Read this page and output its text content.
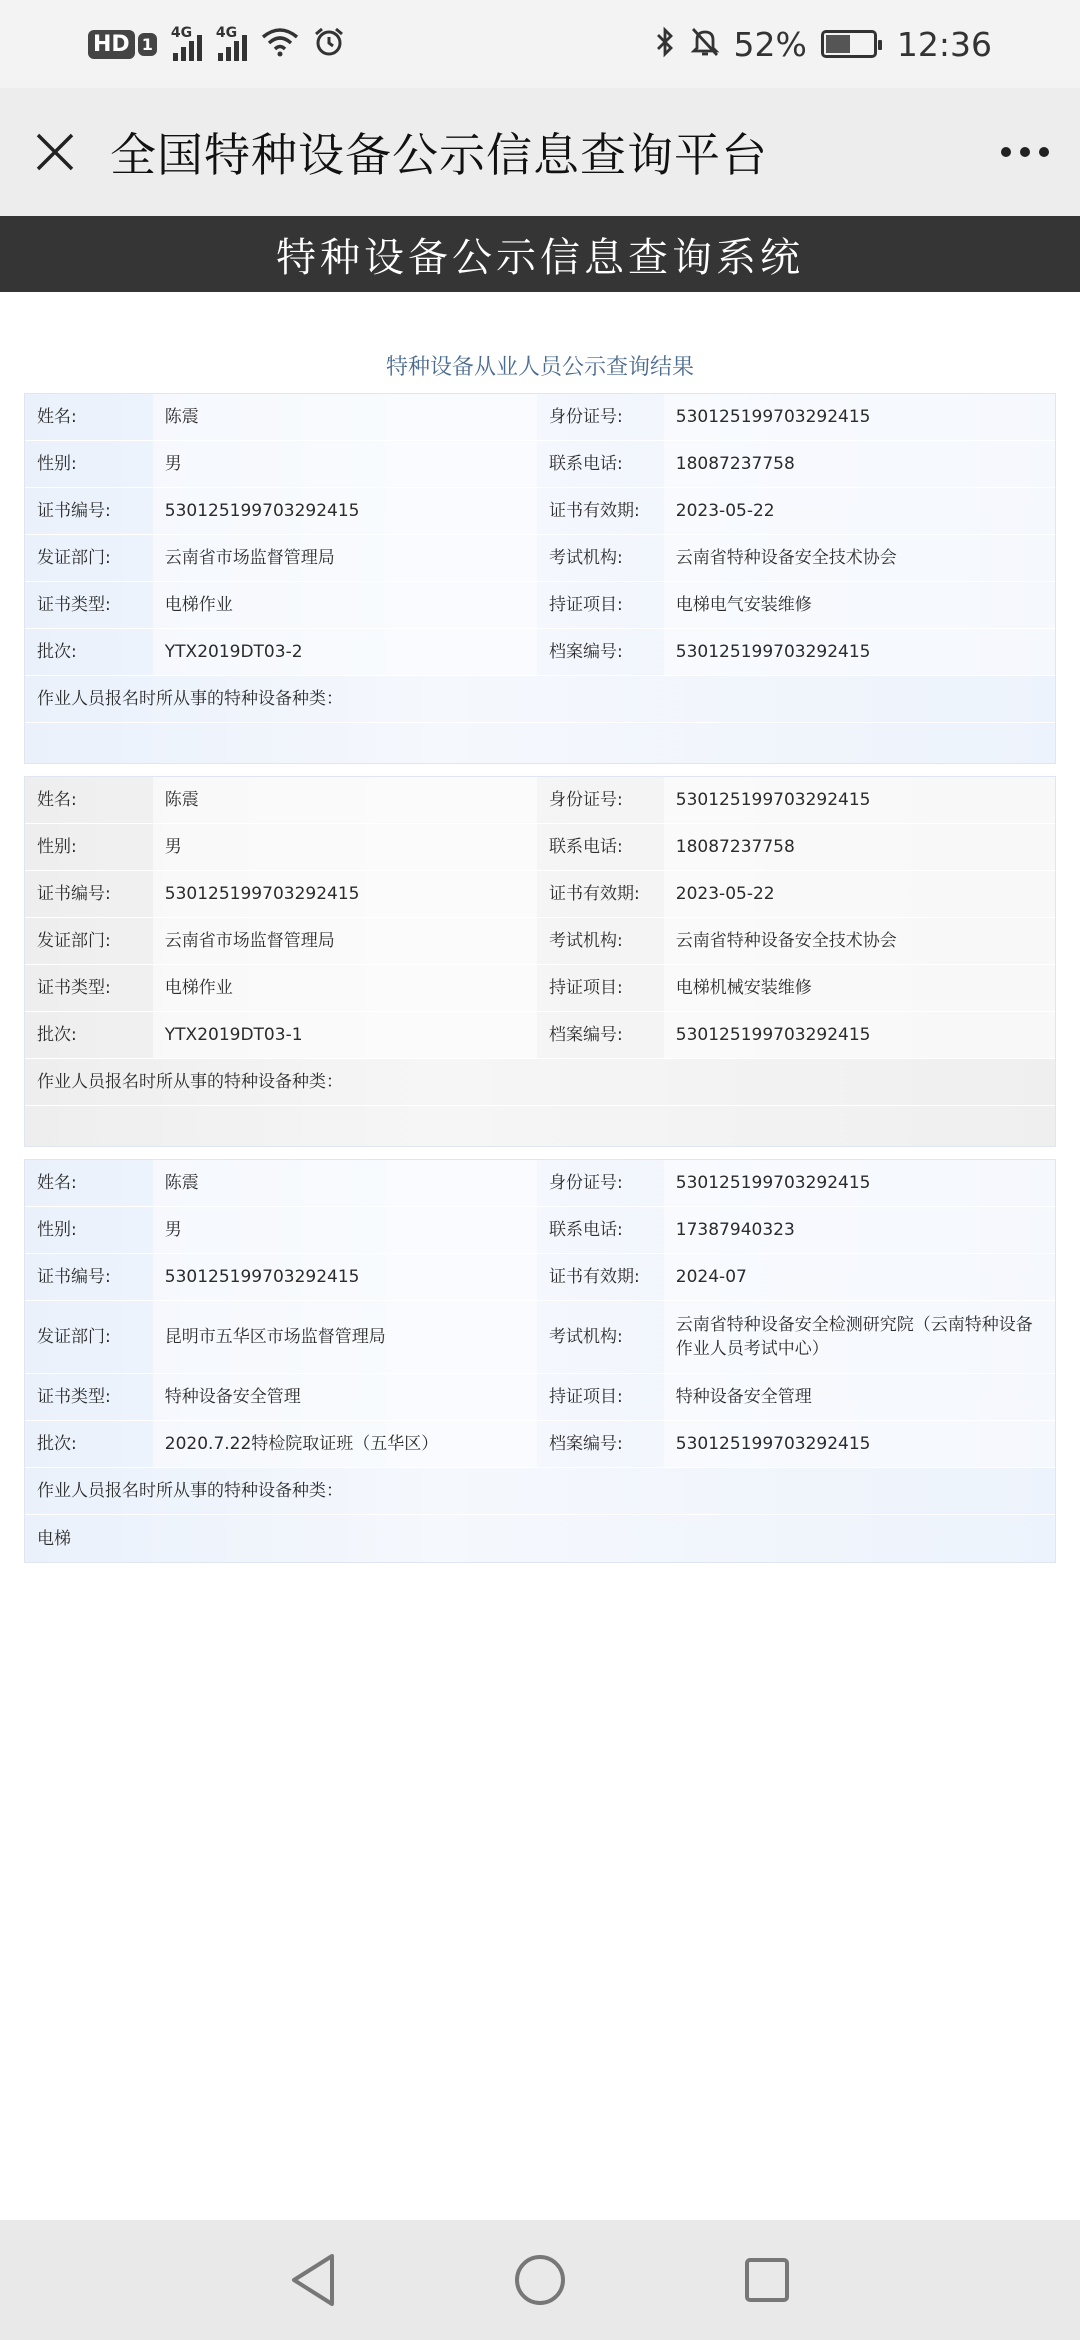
HD 1
4G 4G	52%	12:36
全国特种设备公示信息查询平台
特种设备公示信息查询系统
特种设备从业人员公示查询结果
姓名:	陈震	身份证号:	530125199703292415
性别:	男	联系电话:	18087237758
证书编号:	530125199703292415	证书有效期:	2023-05-22
发证部门:	云南省市场监督管理局	考试机构:	云南省特种设备安全技术协会
证书类型:	电梯作业	持证项目:	电梯电气安装维修
批次:	YTX2019DT03-2	档案编号:	530125199703292415
作业人员报名时所从事的特种设备种类：
姓名:	陈震	身份证号:	530125199703292415
性别:	男	联系电话:	18087237758
证书编号:	530125199703292415	证书有效期:	2023-05-22
发证部门:	云南省市场监督管理局	考试机构:	云南省特种设备安全技术协会
证书类型:	电梯作业	持证项目:	电梯机械安装维修
批次:	YTX2019DT03-1	档案编号:	530125199703292415
作业人员报名时所从事的特种设备种类：
姓名:	陈震	身份证号:	530125199703292415
性别:	男	联系电话:	17387940323
证书编号:	530125199703292415	证书有效期:	2024-07
发证部门:	昆明市五华区市场监督管理局	考试机构:
云南省特种设备安全检测研究院（云南特种设备作业人员考试中心）
证书类型:	特种设备安全管理	持证项目:	特种设备安全管理
批次:	2020.7.22特检院取证班（五华区）	档案编号:	530125199703292415
作业人员报名时所从事的特种设备种类：
电梯
